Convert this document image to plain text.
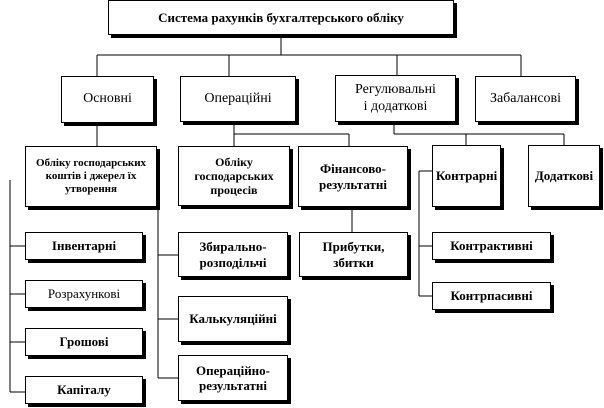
Система рахунків бухгалтерського обліку
Основні	Операційні
Регулювальні
і додаткові
Забалансові
Обліку господарських коштів і джерел їх утворення
Інвентарні
Розрахункові
Грошові
Капіталу
Обліку
господарських
процесів
Фінансово-
результатні
Збирально-
розподільчі
Калькуляційні
Операційно-
результатні
Прибутки,
збитки
Контрарні	Додаткові
Контрактивні
Контрпасивні
